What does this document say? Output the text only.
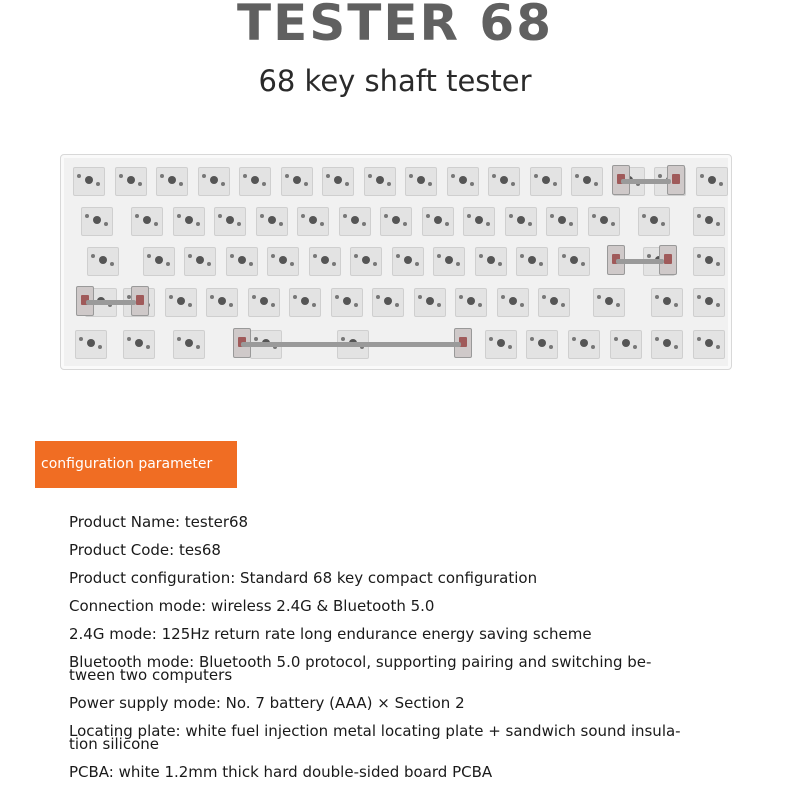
TESTER 68
68 key shaft tester
configuration parameter
Product Name: tester68
Product Code: tes68
Product configuration: Standard 68 key compact configuration
Connection mode: wireless 2.4G & Bluetooth 5.0
2.4G mode: 125Hz return rate long endurance energy saving scheme
Bluetooth mode: Bluetooth 5.0 protocol, supporting pairing and switching be-
tween two computers
Power supply mode: No. 7 battery (AAA) × Section 2
Locating plate: white fuel injection metal locating plate + sandwich sound insula-
tion silicone
PCBA: white 1.2mm thick hard double-sided board PCBA
